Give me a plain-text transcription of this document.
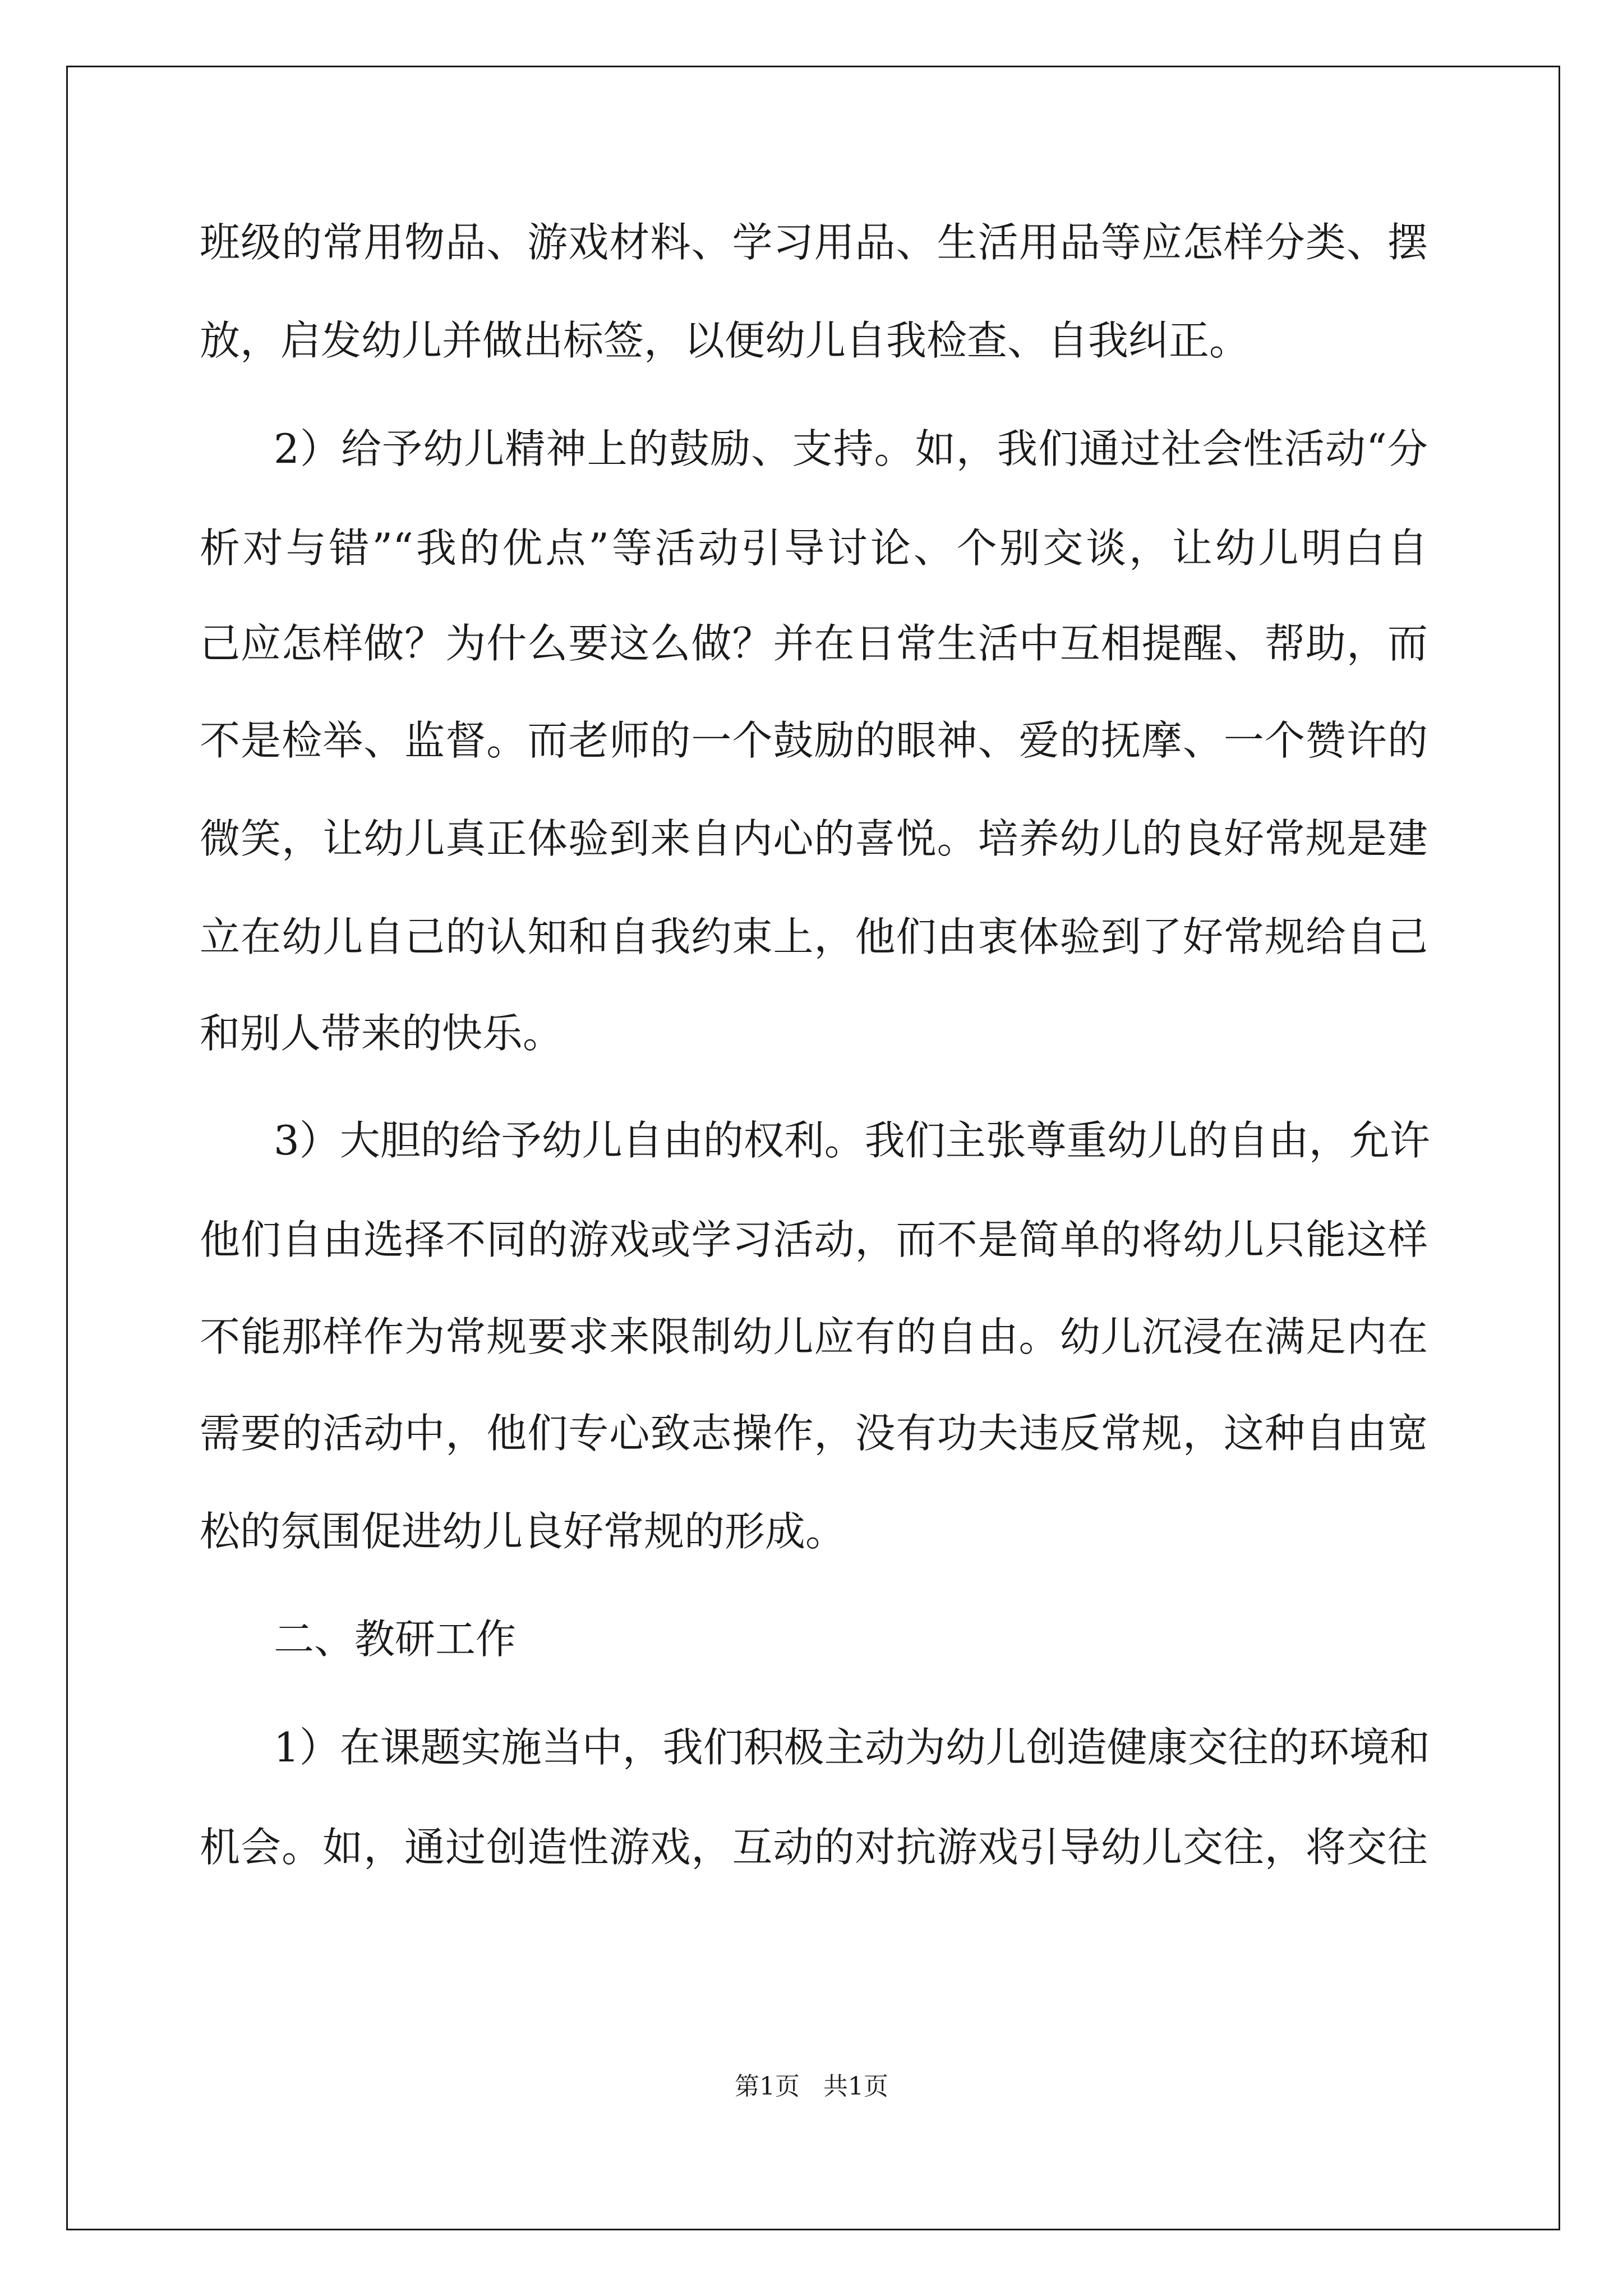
班级的常用物品、游戏材料、学习用品、生活用品等应怎样分类、摆
放，启发幼儿并做出标签，以便幼儿自我检查、自我纠正。
2）给予幼儿精神上的鼓励、支持。如，我们通过社会性活动“分
析对与错”“我的优点”等活动引导讨论、个别交谈，让幼儿明白自
己应怎样做？为什么要这么做？并在日常生活中互相提醒、帮助，而
不是检举、监督。而老师的一个鼓励的眼神、爱的抚摩、一个赞许的
微笑，让幼儿真正体验到来自内心的喜悦。培养幼儿的良好常规是建
立在幼儿自己的认知和自我约束上，他们由衷体验到了好常规给自己
和别人带来的快乐。
3）大胆的给予幼儿自由的权利。我们主张尊重幼儿的自由，允许
他们自由选择不同的游戏或学习活动，而不是简单的将幼儿只能这样
不能那样作为常规要求来限制幼儿应有的自由。幼儿沉浸在满足内在
需要的活动中，他们专心致志操作，没有功夫违反常规，这种自由宽
松的氛围促进幼儿良好常规的形成。
二、教研工作
1）在课题实施当中，我们积极主动为幼儿创造健康交往的环境和
机会。如，通过创造性游戏，互动的对抗游戏引导幼儿交往，将交往
第1页   共1页
